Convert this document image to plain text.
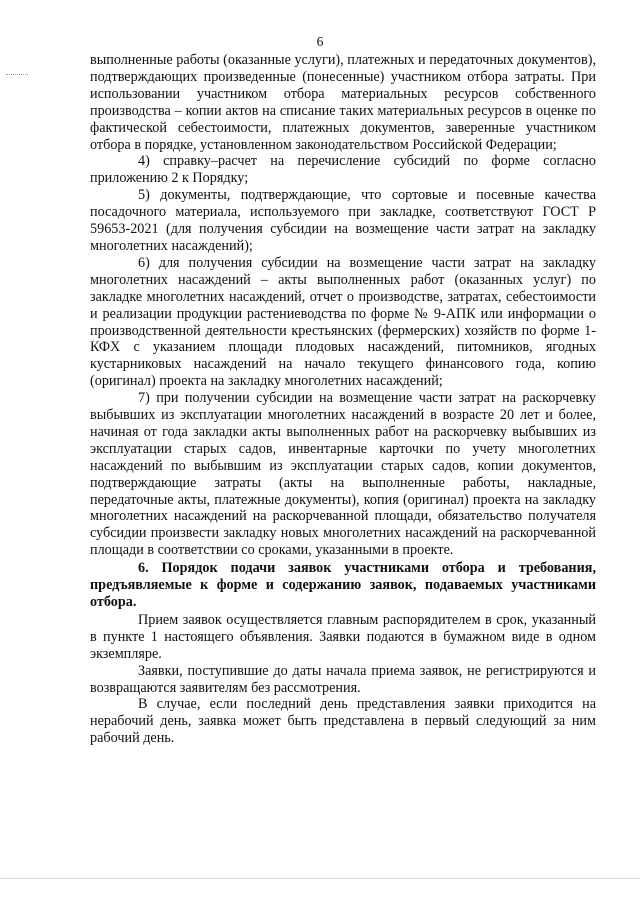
6

выполненные работы (оказанные услуги), платежных и передаточных документов), подтверждающих произведенные (понесенные) участником отбора затраты. При использовании участником отбора материальных ресурсов собственного производства – копии актов на списание таких материальных ресурсов в оценке по фактической себестоимости, платежных документов, заверенные участником отбора в порядке, установленном законодательством Российской Федерации;

4) справку–расчет на перечисление субсидий по форме согласно приложению 2 к Порядку;

5) документы, подтверждающие, что сортовые и посевные качества посадочного материала, используемого при закладке, соответствуют ГОСТ Р 59653-2021 (для получения субсидии на возмещение части затрат на закладку многолетних насаждений);

6) для получения субсидии на возмещение части затрат на закладку многолетних насаждений – акты выполненных работ (оказанных услуг) по закладке многолетних насаждений, отчет о производстве, затратах, себестоимости и реализации продукции растениеводства по форме № 9-АПК или информации о производственной деятельности крестьянских (фермерских) хозяйств по форме 1-КФХ с указанием площади плодовых насаждений, питомников, ягодных кустарниковых насаждений на начало текущего финансового года, копию (оригинал) проекта на закладку многолетних насаждений;

7) при получении субсидии на возмещение части затрат на раскорчевку выбывших из эксплуатации многолетних насаждений в возрасте 20 лет и более, начиная от года закладки акты выполненных работ на раскорчевку выбывших из эксплуатации старых садов, инвентарные карточки по учету многолетних насаждений по выбывшим из эксплуатации старых садов, копии документов, подтверждающие затраты (акты на выполненные работы, накладные, передаточные акты, платежные документы), копия (оригинал) проекта на закладку многолетних насаждений на раскорчеванной площади, обязательство получателя субсидии произвести закладку новых многолетних насаждений на раскорчеванной площади в соответствии со сроками, указанными в проекте.

6. Порядок подачи заявок участниками отбора и требования, предъявляемые к форме и содержанию заявок, подаваемых участниками отбора.

Прием заявок осуществляется главным распорядителем в срок, указанный в пункте 1 настоящего объявления. Заявки подаются в бумажном виде в одном экземпляре.

Заявки, поступившие до даты начала приема заявок, не регистрируются и возвращаются заявителям без рассмотрения.

В случае, если последний день представления заявки приходится на нерабочий день, заявка может быть представлена в первый следующий за ним рабочий день.
